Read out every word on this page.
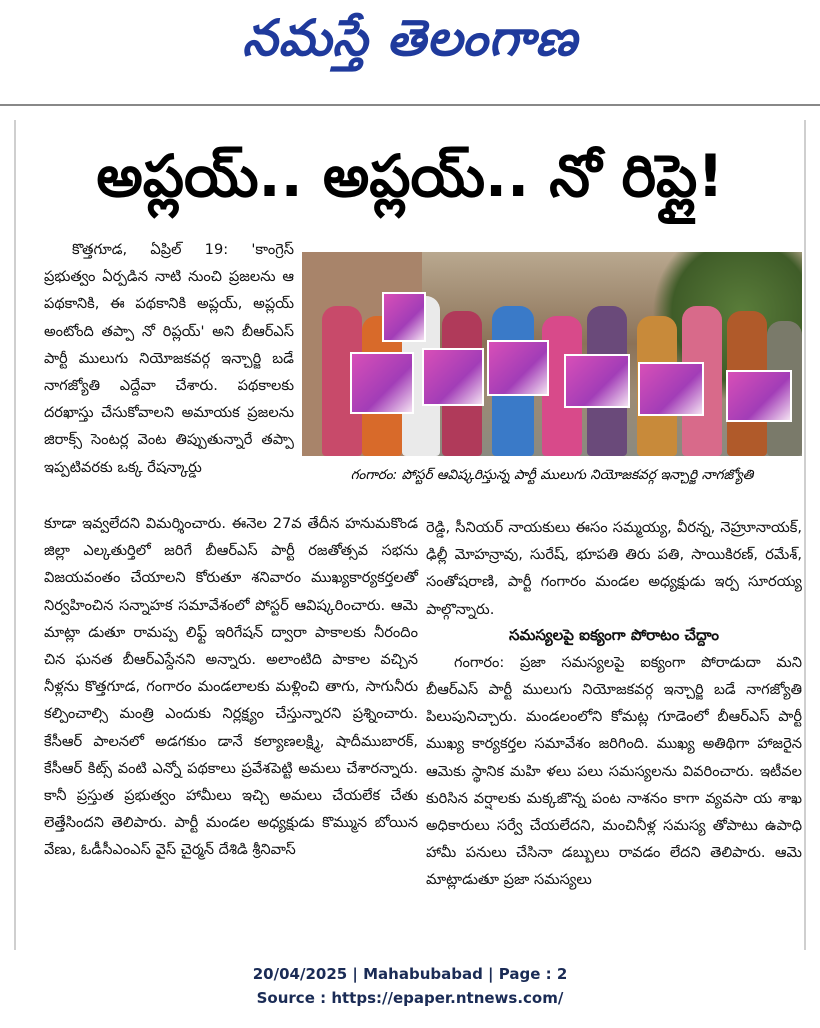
నమస్తే తెలంగాణ
అప్లయ్.. అప్లయ్.. నో రిప్లై!

కొత్తగూడ, ఏప్రిల్ 19: 'కాంగ్రెస్ ప్రభుత్వం ఏర్పడిన నాటి నుంచి ప్రజలను ఆ పథకానికి, ఈ పథకానికి అప్లయ్, అప్లయ్ అంటోంది తప్పా నో రిప్లయ్' అని బీఆర్ఎస్ పార్టీ ములుగు నియోజకవర్గ ఇన్చార్జి బడే నాగజ్యోతి ఎద్దేవా చేశారు. పథకాలకు దరఖాస్తు చేసుకోవాలని అమాయక ప్రజలను జిరాక్స్ సెంటర్ల వెంట తిప్పుతున్నారే తప్పా ఇప్పటివరకు ఒక్క రేషన్కార్డు	గంగారం: పోస్టర్ ఆవిష్కరిస్తున్న పార్టీ ములుగు నియోజకవర్గ ఇన్చార్జి నాగజ్యోతి

కూడా ఇవ్వలేదని విమర్శించారు. ఈనెల 27వ తేదీన హనుమకొండ జిల్లా ఎల్కతుర్తిలో జరిగే బీఆర్ఎస్ పార్టీ రజతోత్సవ సభను విజయవంతం చేయాలని కోరుతూ శనివారం ముఖ్యకార్యకర్తలతో నిర్వహించిన సన్నాహక సమావేశంలో పోస్టర్ ఆవిష్కరించారు. ఆమె మాట్లా డుతూ రామప్ప లిఫ్ట్ ఇరిగేషన్ ద్వారా పాకాలకు నీరందిం చిన ఘనత బీఆర్ఎస్దేనని అన్నారు. అలాంటిది పాకాల వచ్చిన నీళ్లను కొత్తగూడ, గంగారం మండలాలకు మళ్లించి తాగు, సాగునీరు కల్పించాల్సి మంత్రి ఎందుకు నిర్లక్ష్యం చేస్తున్నారని ప్రశ్నించారు. కేసీఆర్ పాలనలో అడగకుం డానే కల్యాణలక్ష్మి, షాదీముబారక్, కేసీఆర్ కిట్స్ వంటి ఎన్నో పథకాలు ప్రవేశపెట్టి అమలు చేశారన్నారు. కానీ ప్రస్తుత ప్రభుత్వం హామీలు ఇచ్చి అమలు చేయలేక చేతు లెత్తేసిందని తెలిపారు. పార్టీ మండల అధ్యక్షుడు కొమ్మున బోయిన వేణు, ఓడీసీఎంఎస్ వైస్ చైర్మన్ దేశిడి శ్రీనివాస్

రెడ్డి, సీనియర్ నాయకులు ఈసం సమ్మయ్య, వీరన్న, నెహ్రూనాయక్, ఢిల్లీ మోహన్రావు, సురేష్, భూపతి తిరు పతి, సాయికిరణ్, రమేశ్, సంతోషరాణి, పార్టీ గంగారం మండల అధ్యక్షుడు ఇర్ప సూరయ్య పాల్గొన్నారు.

సమస్యలపై ఐక్యంగా పోరాటం చేద్దాం

గంగారం: ప్రజా సమస్యలపై ఐక్యంగా పోరాడుదా మని బీఆర్ఎస్ పార్టీ ములుగు నియోజకవర్గ ఇన్చార్జి బడే నాగజ్యోతి పిలుపునిచ్చారు. మండలంలోని కోమట్ల గూడెంలో బీఆర్ఎస్ పార్టీ ముఖ్య కార్యకర్తల సమావేశం జరిగింది. ముఖ్య అతిథిగా హాజరైన ఆమెకు స్థానిక మహి ళలు పలు సమస్యలను వివరించారు. ఇటీవల కురిసిన వర్షాలకు మక్కజొన్న పంట నాశనం కాగా వ్యవసా య శాఖ అధికారులు సర్వే చేయలేదని, మంచినీళ్ల సమస్య తోపాటు ఉపాధి హామీ పనులు చేసినా డబ్బులు రావడం లేదని తెలిపారు. ఆమె మాట్లాడుతూ ప్రజా సమస్యలు

20/04/2025 | Mahabubabad | Page : 2
Source : https://epaper.ntnews.com/
